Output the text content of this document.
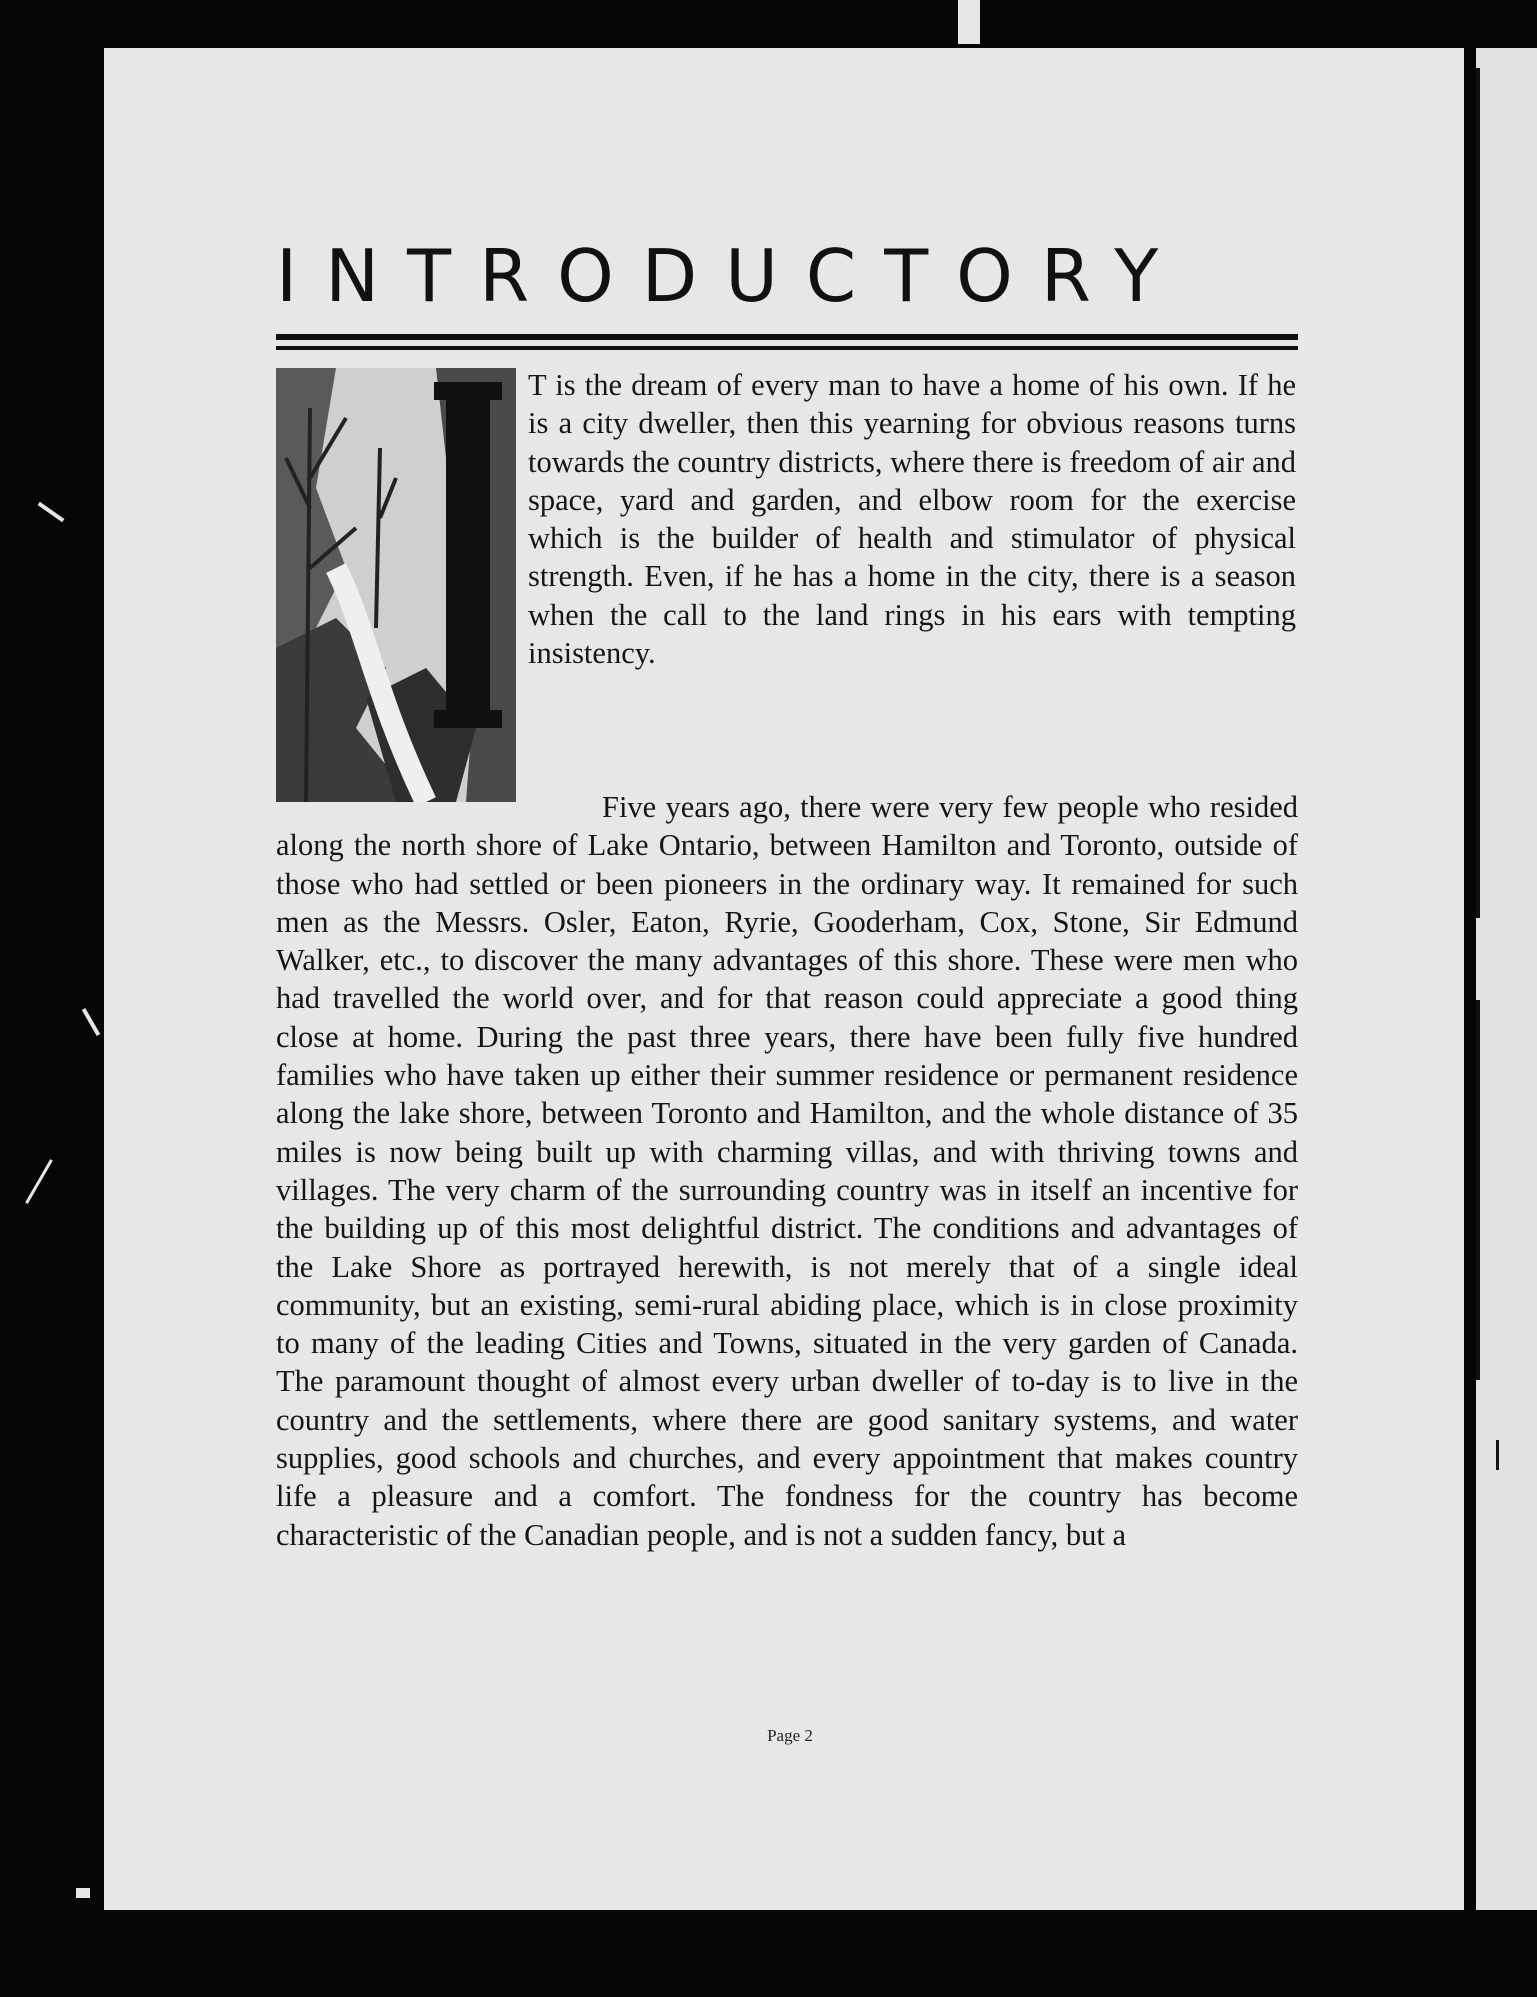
INTRODUCTORY

T is the dream of every man to have a home of his own. If he is a city dweller, then this yearning for obvious reasons turns towards the country districts, where there is freedom of air and space, yard and garden, and elbow room for the exercise which is the builder of health and stimulator of physical strength. Even, if he has a home in the city, there is a season when the call to the land rings in his ears with tempting insistency.

Five years ago, there were very few people who resided along the north shore of Lake Ontario, between Hamilton and Toronto, outside of those who had settled or been pioneers in the ordinary way. It remained for such men as the Messrs. Osler, Eaton, Ryrie, Gooderham, Cox, Stone, Sir Edmund Walker, etc., to discover the many advantages of this shore. These were men who had travelled the world over, and for that reason could appreciate a good thing close at home. During the past three years, there have been fully five hundred families who have taken up either their summer residence or permanent residence along the lake shore, between Toronto and Hamilton, and the whole distance of 35 miles is now being built up with charming villas, and with thriving towns and villages. The very charm of the surrounding country was in itself an incentive for the building up of this most delightful district. The conditions and advantages of the Lake Shore as portrayed herewith, is not merely that of a single ideal community, but an existing, semi-rural abiding place, which is in close proximity to many of the leading Cities and Towns, situated in the very garden of Canada. The paramount thought of almost every urban dweller of to-day is to live in the country and the settlements, where there are good sanitary systems, and water supplies, good schools and churches, and every appointment that makes country life a pleasure and a comfort. The fondness for the country has become characteristic of the Canadian people, and is not a sudden fancy, but a

Page 2
